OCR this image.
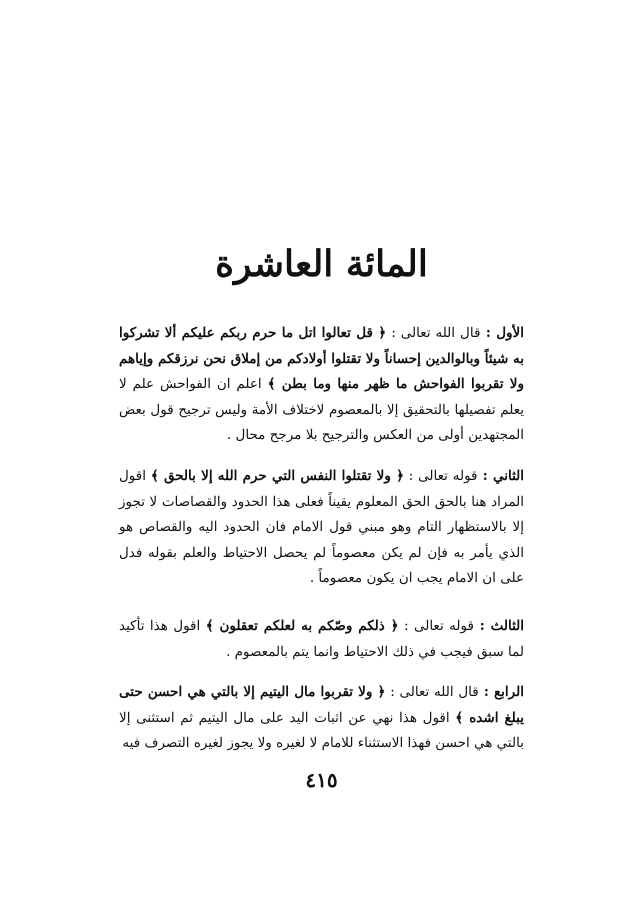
المائة العاشرة

الأول : قال الله تعالى : ﴿ قل تعالوا اتل ما حرم ربكم عليكم ألا تشركوا به شيئاً وبالوالدين إحساناً ولا تقتلوا أولادكم من إملاق نحن نرزقكم وإياهم ولا تقربوا الفواحش ما ظهر منها وما بطن ﴾ اعلم ان الفواحش علم لا يعلم تفصيلها بالتحقيق إلا بالمعصوم لاختلاف الأمة وليس ترجيح قول بعض المجتهدين أولى من العكس والترجيح بلا مرجح محال .

الثاني : قوله تعالى : ﴿ ولا تقتلوا النفس التي حرم الله إلا بالحق ﴾ اقول المراد هنا بالحق الحق المعلوم يقيناً فعلى هذا الحدود والقصاصات لا تجوز إلا بالاستظهار التام وهو مبني قول الامام فان الحدود اليه والقصاص هو الذي يأمر به فإن لم يكن معصوماً لم يحصل الاحتياط والعلم بقوله فدل على ان الامام يجب ان يكون معصوماً .

الثالث : قوله تعالى : ﴿ ذلكم وصّكم به لعلكم تعقلون ﴾ اقول هذا تأكيد لما سبق فيجب في ذلك الاحتياط وانما يتم بالمعصوم .

الرابع : قال الله تعالى : ﴿ ولا تقربوا مال اليتيم إلا بالتي هي احسن حتى يبلغ اشده ﴾ اقول هذا نهي عن اثبات اليد على مال اليتيم ثم استثنى إلا بالتي هي احسن فهذا الاستثناء للامام لا لغيره ولا يجوز لغيره التصرف فيه

٤١٥
